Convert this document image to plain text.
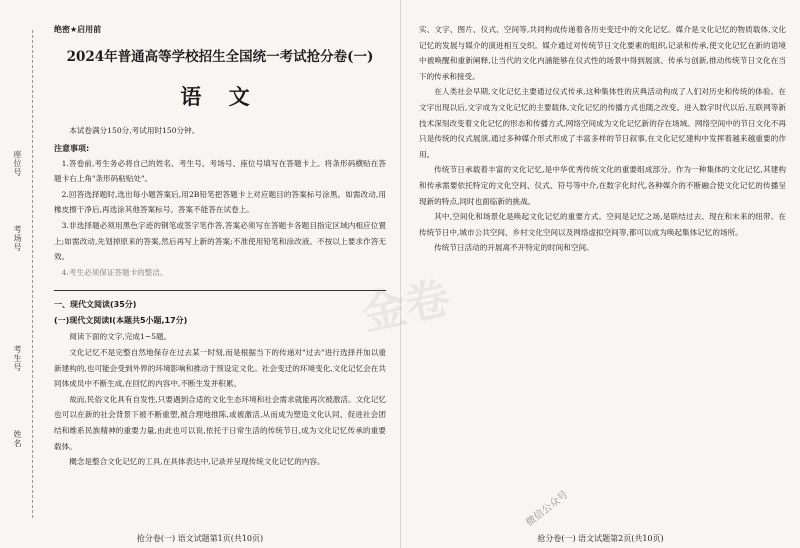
座位号
考场号
考生号
姓名
绝密★启用前
2024年普通高等学校招生全国统一考试抢分卷(一)
语 文

本试卷满分150分,考试用时150分钟。

注意事项:

1.答卷前,考生务必将自己的姓名、考生号、考场号、座位号填写在答题卡上。将条形码横贴在答题卡右上角"条形码粘贴处"。

2.回答选择题时,选出每小题答案后,用2B铅笔把答题卡上对应题目的答案标号涂黑。如需改动,用橡皮擦干净后,再选涂其他答案标号。答案不能答在试卷上。

3.非选择题必须用黑色字迹的钢笔或签字笔作答,答案必须写在答题卡各题目指定区域内相应位置上;如需改动,先划掉原来的答案,然后再写上新的答案;不准使用铅笔和涂改液。不按以上要求作答无效。

4.考生必须保证答题卡的整洁。

一、现代文阅读(35分)

(一)现代文阅读Ⅰ(本题共5小题,17分)

阅读下面的文字,完成1~5题。

文化记忆不是完整自然地保存在过去某一时刻,而是根据当下的传递对"过去"进行选择并加以重新建构的,也可能会受到外界的环境影响和推动于预设定文化。社会变迁的环境变化,文化记忆会在共同体成员中不断生成,在回忆的内容中,不断生发并积累。

故而,民俗文化具有自发性,只要遇到合适的文化生态环境和社会需求就能再次被激活。文化记忆也可以在新的社会背景下被不断重塑,被合理地推陈,或被激活,从而成为塑造文化认同、促进社会团结和维系民族精神的重要力量,由此也可以说,依托于日常生活的传统节日,成为文化记忆传承的重要载体。

概念是整合文化记忆的工具,在具体表达中,记录并呈现传统文化记忆的内容。

抢分卷(一) 语文试题第1页(共10页)

实、文字、图片、仪式、空间等,共同构成传递着各历史变迁中的文化记忆。媒介是文化记忆的物质载体,文化记忆的发展与媒介的演进相互交织。媒介通过对传统节日文化要素的组织,记录和传承,使文化记忆在新的语境中被唤醒和重新阐释,让当代的文化内涵能够在仪式性的场景中得到展演、传承与创新,推动传统节日文化在当下的传承和接受。

在人类社会早期,文化记忆主要通过仪式传承,这种集体性的庆典活动构成了人们对历史和传统的体验。在文字出现以后,文字成为文化记忆的主要载体,文化记忆的传播方式也随之改变。进入数字时代以后,互联网等新技术深刻改变着文化记忆的形态和传播方式,网络空间成为文化记忆新的存在场域。网络空间中的节日文化不再只是传统的仪式展演,通过多种媒介形式形成了丰富多样的节日叙事,在文化记忆建构中发挥着越来越重要的作用。

传统节日承载着丰富的文化记忆,是中华优秀传统文化的重要组成部分。作为一种集体的文化记忆,其建构和传承需要依托特定的文化空间、仪式、符号等中介,在数字化时代,各种媒介的不断融合使文化记忆的传播呈现新的特点,同时也面临新的挑战。

其中,空间化和场景化是唤起文化记忆的重要方式。空间是记忆之场,是联结过去、现在和未来的纽带。在传统节日中,城市公共空间、乡村文化空间以及网络虚拟空间等,都可以成为唤起集体记忆的场所。

传统节日活动的开展离不开特定的时间和空间。

金卷
微信公众号
抢分卷(一) 语文试题第2页(共10页)
